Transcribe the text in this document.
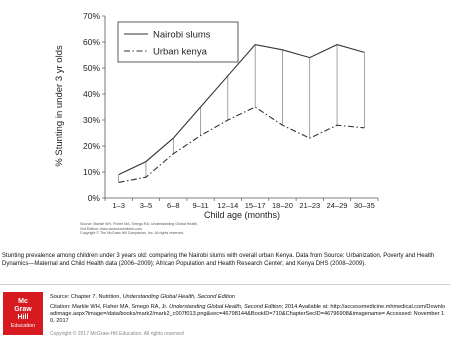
0%
10%
20%
30%
40%
50%
60%
70%
1–3 3–5 6–8 9–11 12–14 15–17 18–20 21–23 24–29 30–35
Nairobi slums
Urban kenya
% Stunting in under 3 yr olds
Child age (months)
Source: Markle WH, Fisher MA, Smego RA: Understanding Global Health,
2nd Edition: www.accessmedicine.com
Copyright © The McGraw-Hill Companies, Inc. All rights reserved.
Stunting prevalence among children under 3 years old: comparing the Nairobi slums with overall urban Kenya. Data from Source: Urbanization, Poverty and Health Dynamics—Maternal and Child Health data (2006–2009); African Population and Health Research Center; and Kenya DHS (2008–2009).
Mc
Graw
Hill
Education
Source: Chapter 7. Nutrition, Understanding Global Health, Second Edition
Citation: Markle WH, Fisher MA, Smego RA, Jr. Understanding Global Health, Second Edition; 2014 Available at: http://accessmedicine.mhmedical.com/Downloadimage.aspx?image=/data/books/mark2/mark2_c007f013.png&sec=46798144&BookID=710&ChapterSecID=46796908&imagename= Accessed: November 10, 2017
Copyright © 2017 McGraw-Hill Education. All rights reserved
